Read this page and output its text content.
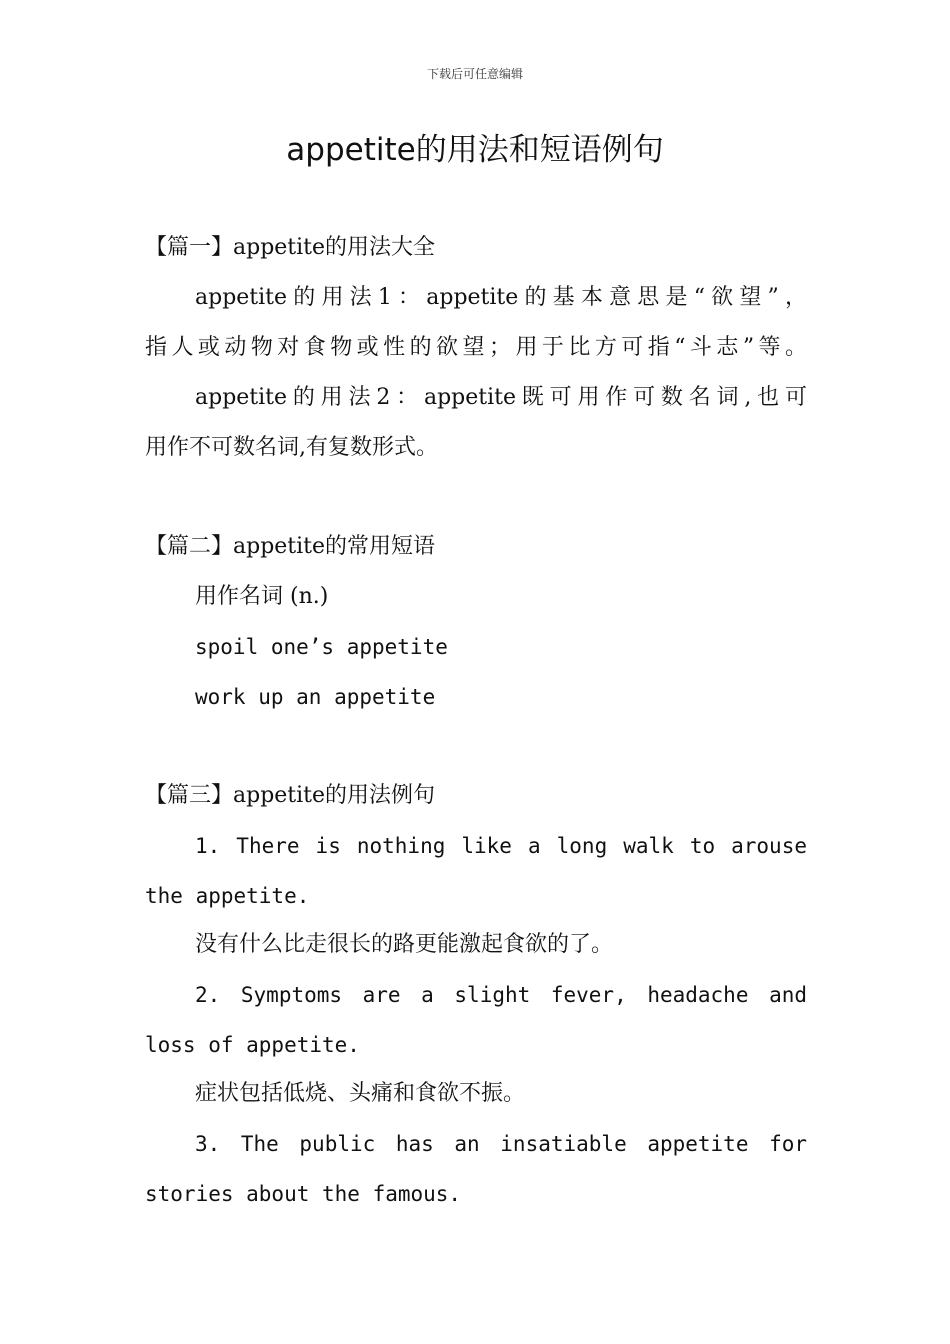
下载后可任意编辑
appetite的用法和短语例句
【篇一】appetite的用法大全
appetite的用法1：appetite的基本意思是“欲望”，
指人或动物对食物或性的欲望；用于比方可指“斗志”等。
appetite的用法2：appetite既可用作可数名词,也可
用作不可数名词,有复数形式。
【篇二】appetite的常用短语
用作名词 (n.)
spoil one’s appetite
work up an appetite
【篇三】appetite的用法例句
1. There is nothing like a long walk to arouse
the appetite.
没有什么比走很长的路更能激起食欲的了。
2. Symptoms are a slight fever, headache and
loss of appetite.
症状包括低烧、头痛和食欲不振。
3. The public has an insatiable appetite for
stories about the famous.
